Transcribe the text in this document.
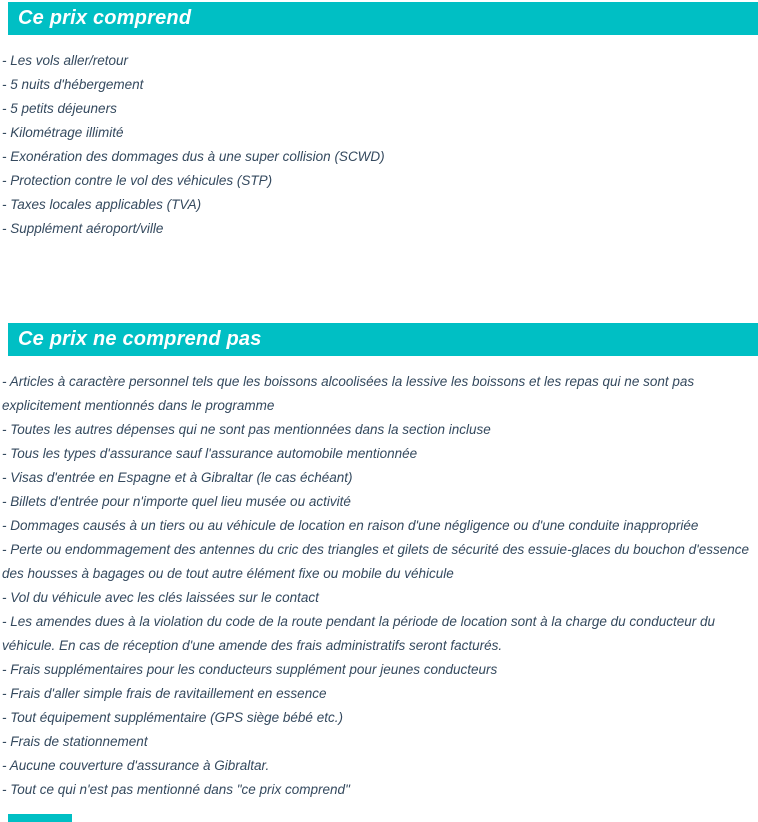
Ce prix comprend

- Les vols aller/retour

- 5 nuits d'hébergement

- 5 petits déjeuners

- Kilométrage illimité

- Exonération des dommages dus à une super collision (SCWD)

- Protection contre le vol des véhicules (STP)

- Taxes locales applicables (TVA)

- Supplément aéroport/ville

Ce prix ne comprend pas

- Articles à caractère personnel tels que les boissons alcoolisées la lessive les boissons et les repas qui ne sont pas explicitement mentionnés dans le programme

- Toutes les autres dépenses qui ne sont pas mentionnées dans la section incluse

- Tous les types d'assurance sauf l'assurance automobile mentionnée

- Visas d'entrée en Espagne et à Gibraltar (le cas échéant)

- Billets d'entrée pour n'importe quel lieu musée ou activité

- Dommages causés à un tiers ou au véhicule de location en raison d'une négligence ou d'une conduite inappropriée

- Perte ou endommagement des antennes du cric des triangles et gilets de sécurité des essuie-glaces du bouchon d'essence des housses à bagages ou de tout autre élément fixe ou mobile du véhicule

- Vol du véhicule avec les clés laissées sur le contact

- Les amendes dues à la violation du code de la route pendant la période de location sont à la charge du conducteur du véhicule. En cas de réception d'une amende des frais administratifs seront facturés.

- Frais supplémentaires pour les conducteurs supplément pour jeunes conducteurs

- Frais d'aller simple frais de ravitaillement en essence

- Tout équipement supplémentaire (GPS siège bébé etc.)

- Frais de stationnement

- Aucune couverture d'assurance à Gibraltar.

- Tout ce qui n'est pas mentionné dans "ce prix comprend"
